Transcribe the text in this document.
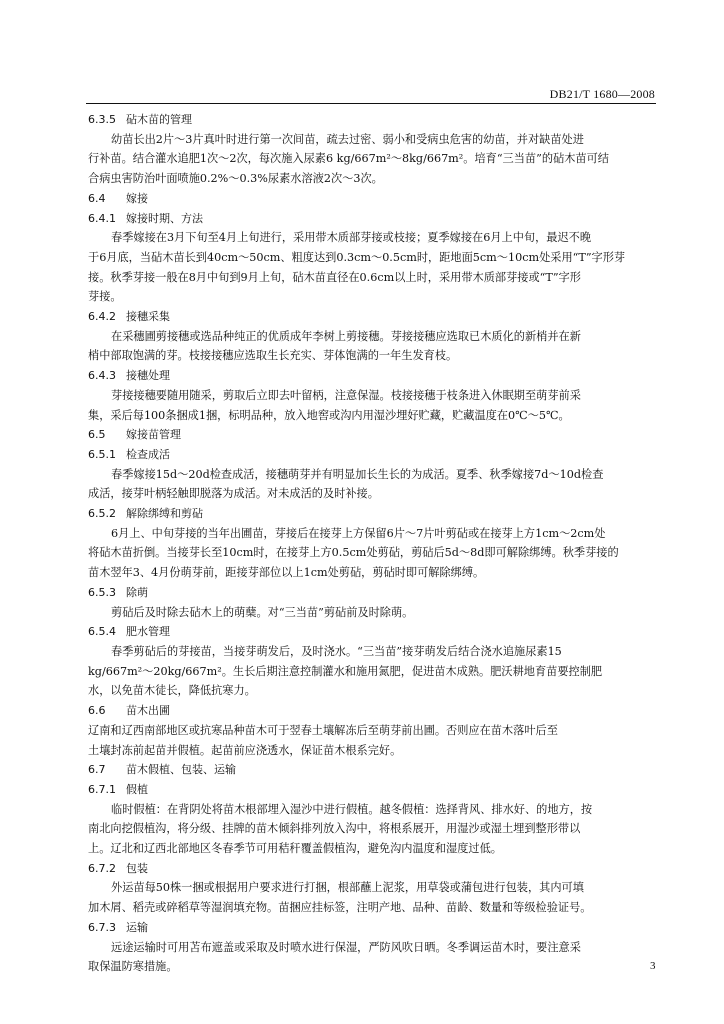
DB21/T 1680—2008
6.3.5 砧木苗的管理
幼苗长出2片～3片真叶时进行第一次间苗，疏去过密、弱小和受病虫危害的幼苗，并对缺苗处进
行补苗。结合灌水追肥1次～2次，每次施入尿素6 kg/667m²～8kg/667m²。培育“三当苗”的砧木苗可结
合病虫害防治叶面喷施0.2%～0.3%尿素水溶液2次～3次。
6.4 嫁接
6.4.1 嫁接时期、方法
春季嫁接在3月下旬至4月上旬进行，采用带木质部芽接或枝接；夏季嫁接在6月上中旬，最迟不晚
于6月底，当砧木苗长到40cm～50cm、粗度达到0.3cm～0.5cm时，距地面5cm～10cm处采用“T”字形芽
接。秋季芽接一般在8月中旬到9月上旬，砧木苗直径在0.6cm以上时，采用带木质部芽接或“T”字形
芽接。
6.4.2 接穗采集
在采穗圃剪接穗或选品种纯正的优质成年李树上剪接穗。芽接接穗应选取已木质化的新梢并在新
梢中部取饱满的芽。枝接接穗应选取生长充实、芽体饱满的一年生发育枝。
6.4.3 接穗处理
芽接接穗要随用随采，剪取后立即去叶留柄，注意保湿。枝接接穗于枝条进入休眠期至萌芽前采
集，采后每100条捆成1捆，标明品种，放入地窖或沟内用湿沙埋好贮藏，贮藏温度在0℃～5℃。
6.5 嫁接苗管理
6.5.1 检查成活
春季嫁接15d～20d检查成活，接穗萌芽并有明显加长生长的为成活。夏季、秋季嫁接7d～10d检查
成活，接芽叶柄轻触即脱落为成活。对未成活的及时补接。
6.5.2 解除绑缚和剪砧
6月上、中旬芽接的当年出圃苗，芽接后在接芽上方保留6片～7片叶剪砧或在接芽上方1cm～2cm处
将砧木苗折倒。当接芽长至10cm时，在接芽上方0.5cm处剪砧，剪砧后5d～8d即可解除绑缚。秋季芽接的
苗木翌年3、4月份萌芽前，距接芽部位以上1cm处剪砧，剪砧时即可解除绑缚。
6.5.3 除萌
剪砧后及时除去砧木上的萌蘖。对“三当苗”剪砧前及时除萌。
6.5.4 肥水管理
春季剪砧后的芽接苗，当接芽萌发后，及时浇水。“三当苗”接芽萌发后结合浇水追施尿素15
kg/667m²～20kg/667m²。生长后期注意控制灌水和施用氮肥，促进苗木成熟。肥沃耕地育苗要控制肥
水，以免苗木徒长，降低抗寒力。
6.6 苗木出圃
辽南和辽西南部地区或抗寒品种苗木可于翌春土壤解冻后至萌芽前出圃。否则应在苗木落叶后至
土壤封冻前起苗并假植。起苗前应浇透水，保证苗木根系完好。
6.7 苗木假植、包装、运输
6.7.1 假植
临时假植：在背阴处将苗木根部埋入湿沙中进行假植。越冬假植：选择背风、排水好、的地方，按
南北向挖假植沟，将分级、挂牌的苗木倾斜排列放入沟中，将根系展开，用湿沙或湿土埋到整形带以
上。辽北和辽西北部地区冬春季节可用秸秆覆盖假植沟，避免沟内温度和湿度过低。
6.7.2 包装
外运苗每50株一捆或根据用户要求进行打捆，根部蘸上泥浆，用草袋或蒲包进行包装，其内可填
加木屑、稻壳或碎稻草等湿润填充物。苗捆应挂标签，注明产地、品种、苗龄、数量和等级检验证号。
6.7.3 运输
远途运输时可用苫布遮盖或采取及时喷水进行保湿，严防风吹日晒。冬季调运苗木时，要注意采
取保温防寒措施。	3
